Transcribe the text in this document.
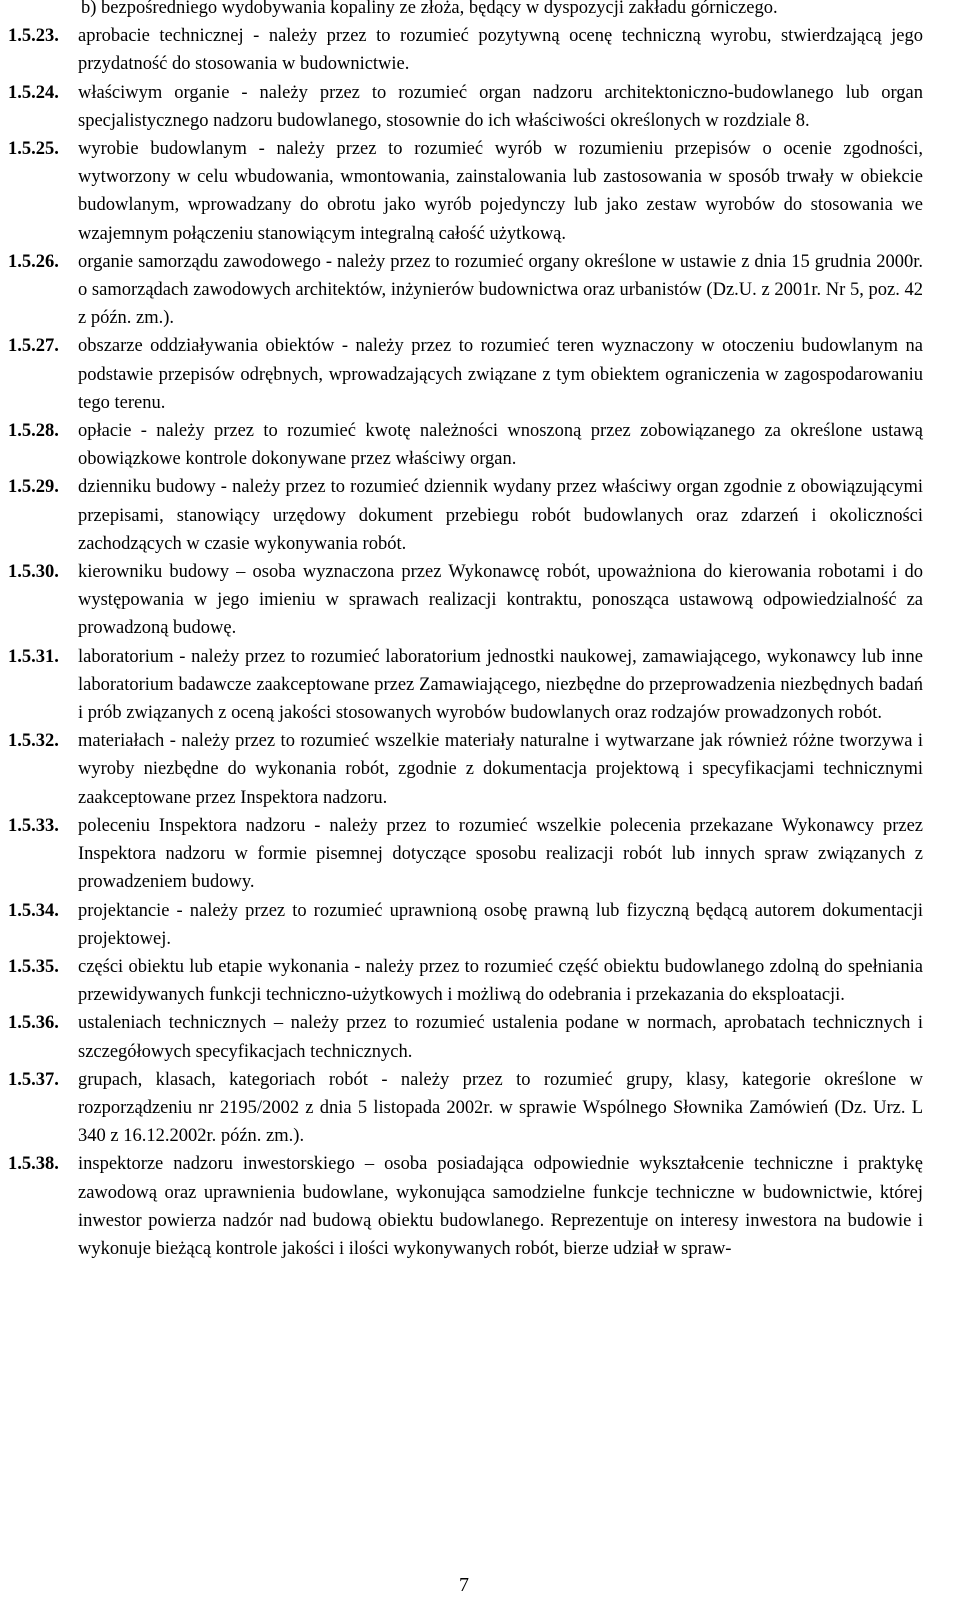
b) bezpośredniego wydobywania kopaliny ze złoża, będący w dyspozycji zakładu górniczego.

1.5.23. aprobacie technicznej - należy przez to rozumieć pozytywną ocenę techniczną wyrobu, stwierdzającą jego przydatność do stosowania w budownictwie.

1.5.24. właściwym organie - należy przez to rozumieć organ nadzoru architektoniczno-budowlanego lub organ specjalistycznego nadzoru budowlanego, stosownie do ich właściwości określonych w rozdziale 8.

1.5.25. wyrobie budowlanym - należy przez to rozumieć wyrób w rozumieniu przepisów o ocenie zgodności, wytworzony w celu wbudowania, wmontowania, zainstalowania lub zastosowania w sposób trwały w obiekcie budowlanym, wprowadzany do obrotu jako wyrób pojedynczy lub jako zestaw wyrobów do stosowania we wzajemnym połączeniu stanowiącym integralną całość użytkową.

1.5.26. organie samorządu zawodowego - należy przez to rozumieć organy określone w ustawie z dnia 15 grudnia 2000r. o samorządach zawodowych architektów, inżynierów budownictwa oraz urbanistów (Dz.U. z 2001r. Nr 5, poz. 42 z późn. zm.).

1.5.27. obszarze oddziaływania obiektów - należy przez to rozumieć teren wyznaczony w otoczeniu budowlanym na podstawie przepisów odrębnych, wprowadzających związane z tym obiektem ograniczenia w zagospodarowaniu tego terenu.

1.5.28. opłacie - należy przez to rozumieć kwotę należności wnoszoną przez zobowiązanego za określone ustawą obowiązkowe kontrole dokonywane przez właściwy organ.

1.5.29. dzienniku budowy - należy przez to rozumieć dziennik wydany przez właściwy organ zgodnie z obowiązującymi przepisami, stanowiący urzędowy dokument przebiegu robót budowlanych oraz zdarzeń i okoliczności zachodzących w czasie wykonywania robót.

1.5.30. kierowniku budowy – osoba wyznaczona przez Wykonawcę robót, upoważniona do kierowania robotami i do występowania w jego imieniu w sprawach realizacji kontraktu, ponosząca ustawową odpowiedzialność za prowadzoną budowę.

1.5.31. laboratorium - należy przez to rozumieć laboratorium jednostki naukowej, zamawiającego, wykonawcy lub inne laboratorium badawcze zaakceptowane przez Zamawiającego, niezbędne do przeprowadzenia niezbędnych badań i prób związanych z oceną jakości stosowanych wyrobów budowlanych oraz rodzajów prowadzonych robót.

1.5.32. materiałach - należy przez to rozumieć wszelkie materiały naturalne i wytwarzane jak również różne tworzywa i wyroby niezbędne do wykonania robót, zgodnie z dokumentacja projektową i specyfikacjami technicznymi zaakceptowane przez Inspektora nadzoru.

1.5.33. poleceniu Inspektora nadzoru - należy przez to rozumieć wszelkie polecenia przekazane Wykonawcy przez Inspektora nadzoru w formie pisemnej dotyczące sposobu realizacji robót lub innych spraw związanych z prowadzeniem budowy.

1.5.34. projektancie - należy przez to rozumieć uprawnioną osobę prawną lub fizyczną będącą autorem dokumentacji projektowej.

1.5.35. części obiektu lub etapie wykonania - należy przez to rozumieć część obiektu budowlanego zdolną do spełniania przewidywanych funkcji techniczno-użytkowych i możliwą do odebrania i przekazania do eksploatacji.

1.5.36. ustaleniach technicznych – należy przez to rozumieć ustalenia podane w normach, aprobatach technicznych i szczegółowych specyfikacjach technicznych.

1.5.37. grupach, klasach, kategoriach robót - należy przez to rozumieć grupy, klasy, kategorie określone w rozporządzeniu nr 2195/2002 z dnia 5 listopada 2002r. w sprawie Wspólnego Słownika Zamówień (Dz. Urz. L 340 z 16.12.2002r. późn. zm.).

1.5.38. inspektorze nadzoru inwestorskiego – osoba posiadająca odpowiednie wykształcenie techniczne i praktykę zawodową oraz uprawnienia budowlane, wykonująca samodzielne funkcje techniczne w budownictwie, której inwestor powierza nadzór nad budową obiektu budowlanego. Reprezentuje on interesy inwestora na budowie i wykonuje bieżącą kontrole jakości i ilości wykonywanych robót, bierze udział w spraw-

7
